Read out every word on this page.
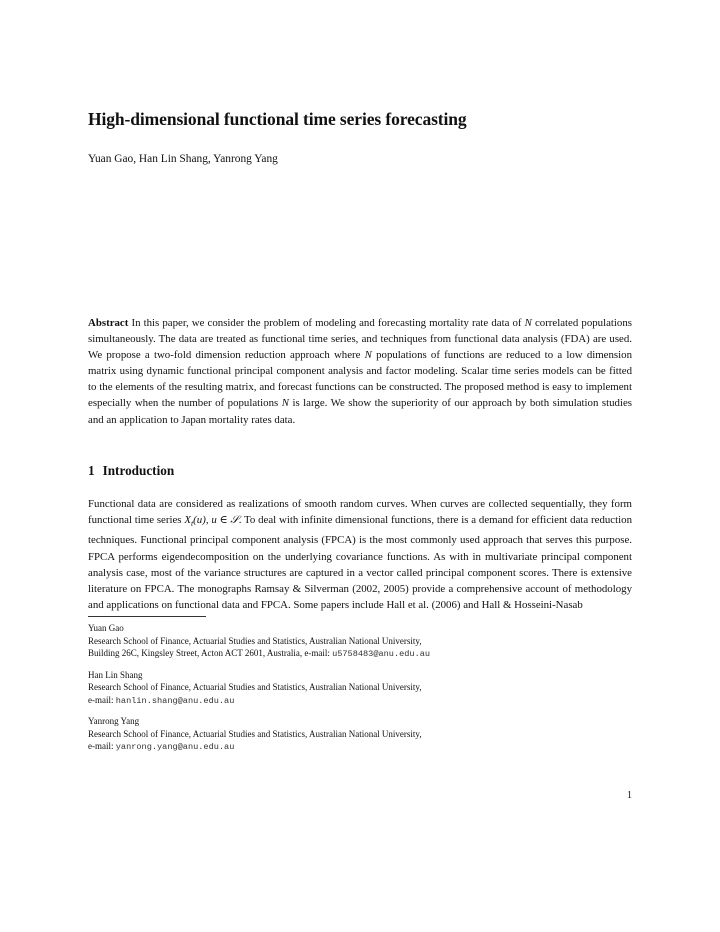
High-dimensional functional time series forecasting
Yuan Gao, Han Lin Shang, Yanrong Yang
Abstract In this paper, we consider the problem of modeling and forecasting mortality rate data of N correlated populations simultaneously. The data are treated as functional time series, and techniques from functional data analysis (FDA) are used. We propose a two-fold dimension reduction approach where N populations of functions are reduced to a low dimension matrix using dynamic functional principal component analysis and factor modeling. Scalar time series models can be fitted to the elements of the resulting matrix, and forecast functions can be constructed. The proposed method is easy to implement especially when the number of populations N is large. We show the superiority of our approach by both simulation studies and an application to Japan mortality rates data.
1 Introduction
Functional data are considered as realizations of smooth random curves. When curves are collected sequentially, they form functional time series $X_t(u)$, u ∈ 𝒮. To deal with infinite dimensional functions, there is a demand for efficient data reduction techniques. Functional principal component analysis (FPCA) is the most commonly used approach that serves this purpose. FPCA performs eigendecomposition on the underlying covariance functions. As with in multivariate principal component analysis case, most of the variance structures are captured in a vector called principal component scores. There is extensive literature on FPCA. The monographs Ramsay & Silverman (2002, 2005) provide a comprehensive account of methodology and applications on functional data and FPCA. Some papers include Hall et al. (2006) and Hall & Hosseini-Nasab
Yuan Gao
Research School of Finance, Actuarial Studies and Statistics, Australian National University,
Building 26C, Kingsley Street, Acton ACT 2601, Australia, e-mail: u5758483@anu.edu.au
Han Lin Shang
Research School of Finance, Actuarial Studies and Statistics, Australian National University,
e-mail: hanlin.shang@anu.edu.au
Yanrong Yang
Research School of Finance, Actuarial Studies and Statistics, Australian National University,
e-mail: yanrong.yang@anu.edu.au
1
